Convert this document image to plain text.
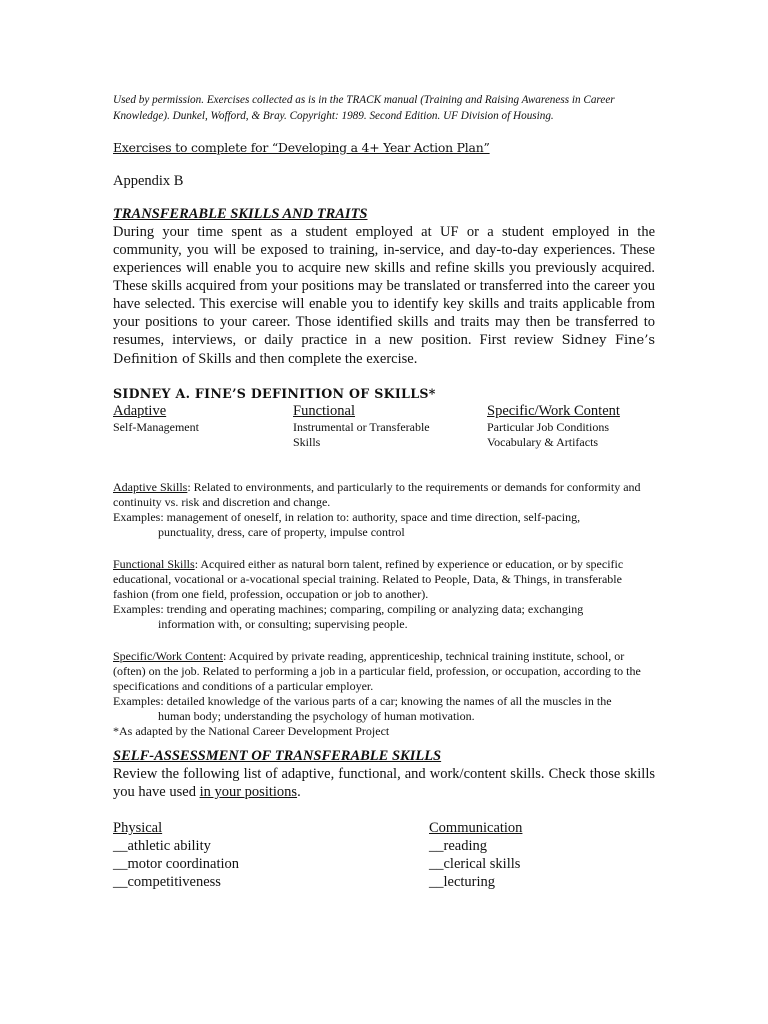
Used by permission. Exercises collected as is in the TRACK manual (Training and Raising Awareness in Career Knowledge). Dunkel, Wofford, & Bray. Copyright: 1989. Second Edition. UF Division of Housing.

Exercises to complete for “Developing a 4+ Year Action Plan”

Appendix B

TRANSFERABLE SKILLS AND TRAITS

During your time spent as a student employed at UF or a student employed in the community, you will be exposed to training, in-service, and day-to-day experiences. These experiences will enable you to acquire new skills and refine skills you previously acquired. These skills acquired from your positions may be translated or transferred into the career you have selected. This exercise will enable you to identify key skills and traits applicable from your positions to your career. Those identified skills and traits may then be transferred to resumes, interviews, or daily practice in a new position. First review Sidney Fine’s Definition of Skills and then complete the exercise.

SIDNEY A. FINE’S DEFINITION OF SKILLS*

Adaptive
Self-Management
Functional
Instrumental or Transferable
Skills
Specific/Work Content
Particular Job Conditions
Vocabulary & Artifacts

Adaptive Skills: Related to environments, and particularly to the requirements or demands for conformity and continuity vs. risk and discretion and change.
Examples: management of oneself, in relation to: authority, space and time direction, self-pacing,
punctuality, dress, care of property, impulse control

Functional Skills: Acquired either as natural born talent, refined by experience or education, or by specific educational, vocational or a-vocational special training. Related to People, Data, & Things, in transferable fashion (from one field, profession, occupation or job to another).
Examples: trending and operating machines; comparing, compiling or analyzing data; exchanging
information with, or consulting; supervising people.

Specific/Work Content: Acquired by private reading, apprenticeship, technical training institute, school, or (often) on the job. Related to performing a job in a particular field, profession, or occupation, according to the specifications and conditions of a particular employer.
Examples: detailed knowledge of the various parts of a car; knowing the names of all the muscles in the
human body; understanding the psychology of human motivation.
*As adapted by the National Career Development Project

SELF-ASSESSMENT OF TRANSFERABLE SKILLS

Review the following list of adaptive, functional, and work/content skills. Check those skills you have used in your positions.

Physical
__athletic ability
__motor coordination
__competitiveness
Communication
__reading
__clerical skills
__lecturing
